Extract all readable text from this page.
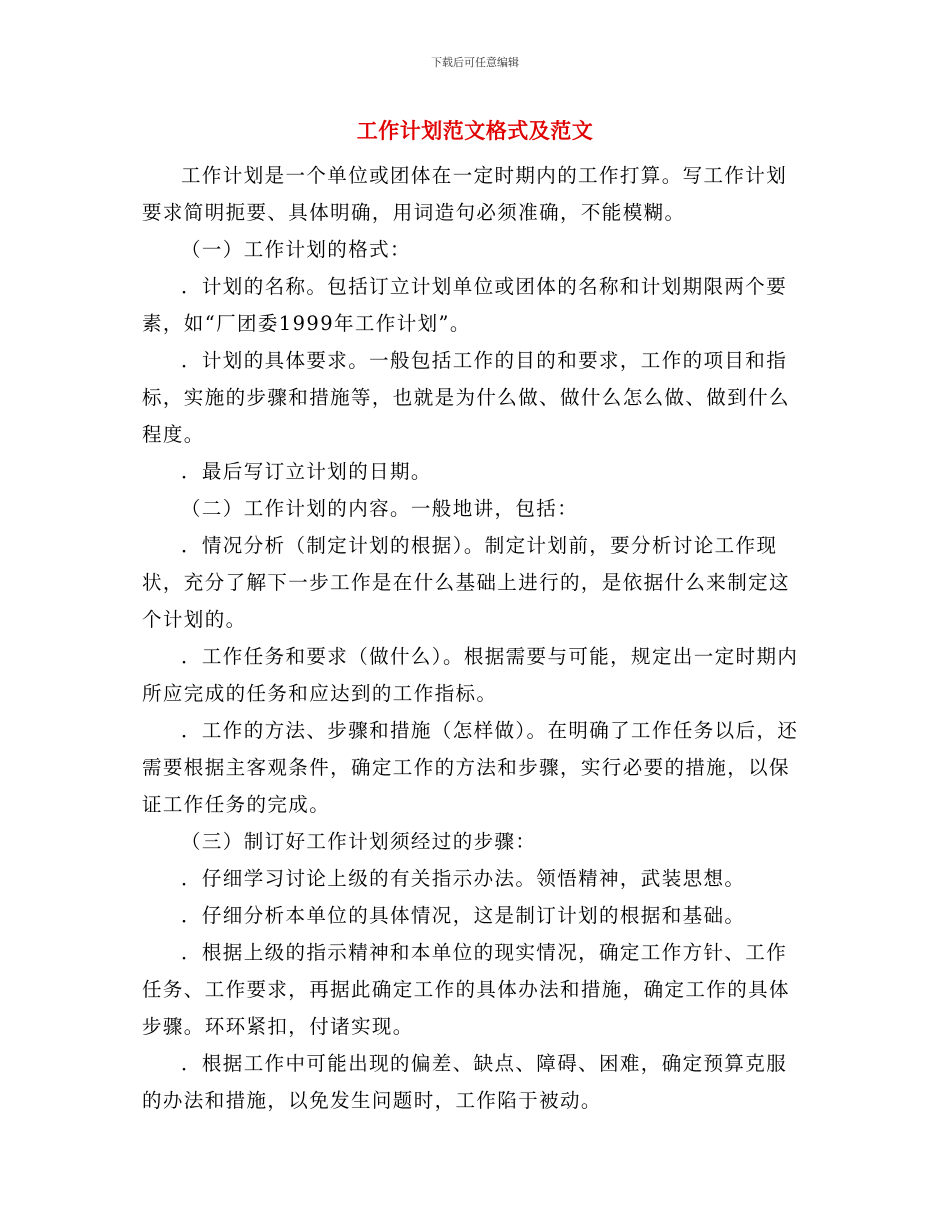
下载后可任意编辑
工作计划范文格式及范文

工作计划是一个单位或团体在一定时期内的工作打算。写工作计划要求简明扼要、具体明确，用词造句必须准确，不能模糊。

（一）工作计划的格式：

．计划的名称。包括订立计划单位或团体的名称和计划期限两个要素，如“厂团委1999年工作计划”。

．计划的具体要求。一般包括工作的目的和要求，工作的项目和指标，实施的步骤和措施等，也就是为什么做、做什么怎么做、做到什么程度。

．最后写订立计划的日期。

（二）工作计划的内容。一般地讲，包括：

．情况分析（制定计划的根据）。制定计划前，要分析讨论工作现状，充分了解下一步工作是在什么基础上进行的，是依据什么来制定这个计划的。

．工作任务和要求（做什么）。根据需要与可能，规定出一定时期内所应完成的任务和应达到的工作指标。

．工作的方法、步骤和措施（怎样做）。在明确了工作任务以后，还需要根据主客观条件，确定工作的方法和步骤，实行必要的措施，以保证工作任务的完成。

（三）制订好工作计划须经过的步骤：

．仔细学习讨论上级的有关指示办法。领悟精神，武装思想。

．仔细分析本单位的具体情况，这是制订计划的根据和基础。

．根据上级的指示精神和本单位的现实情况，确定工作方针、工作任务、工作要求，再据此确定工作的具体办法和措施，确定工作的具体步骤。环环紧扣，付诸实现。

．根据工作中可能出现的偏差、缺点、障碍、困难，确定预算克服的办法和措施，以免发生问题时，工作陷于被动。
